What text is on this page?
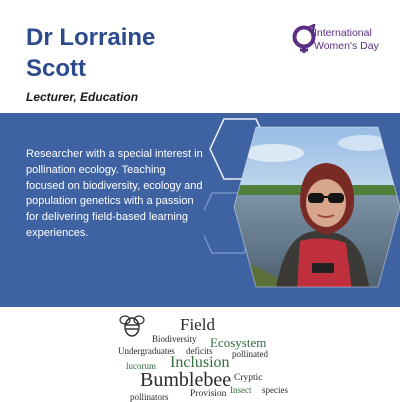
Dr Lorraine
Scott

Lecturer, Education

International
Women's Day

Researcher with a special interest in pollination ecology. Teaching focused on biodiversity, ecology and population genetics with a passion for delivering field-based learning experiences.

Field
Biodiversity Ecosystem
Undergraduates deficits pollinated
lucorum Inclusion
Bumblebee Cryptic
Insect species
pollinators Provision
